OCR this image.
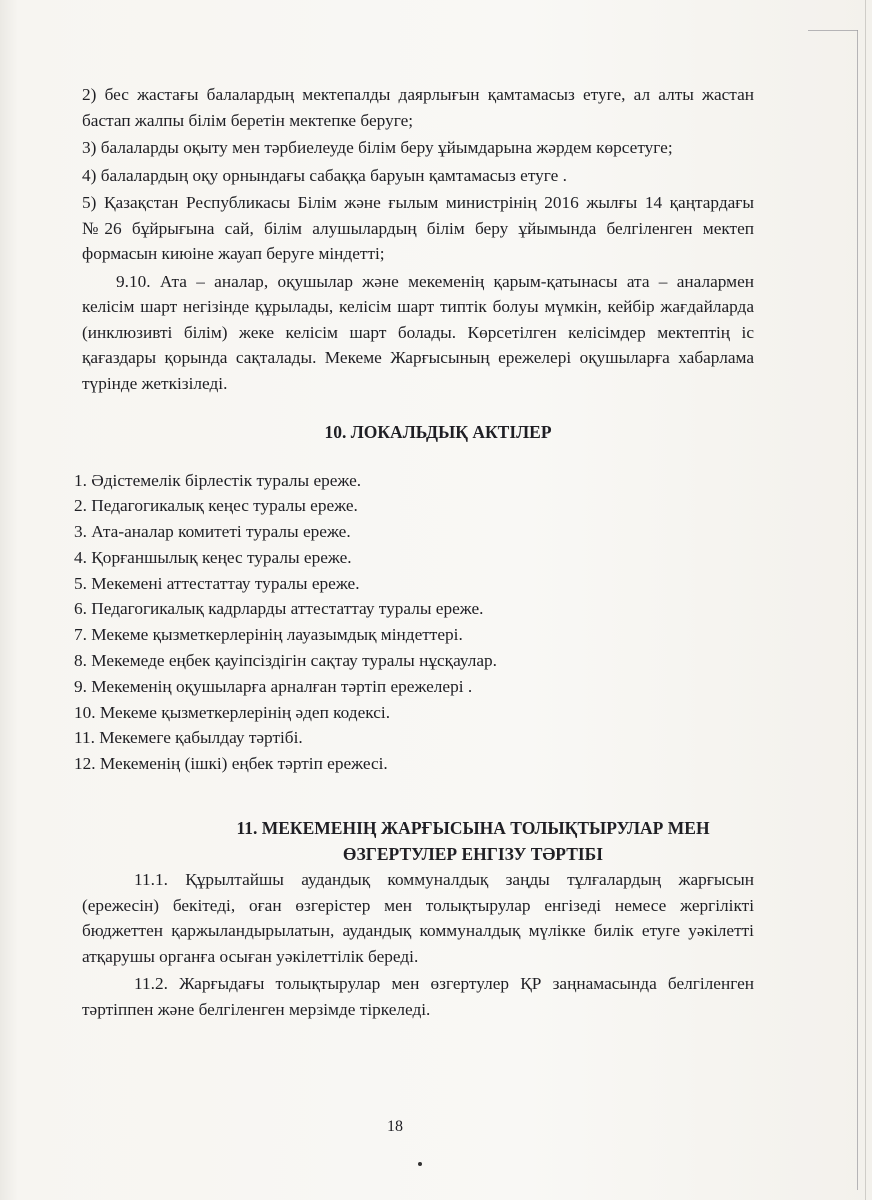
2) бес жастағы балалардың мектепалды даярлығын қамтамасыз етуге, ал алты жастан бастап жалпы білім беретін мектепке беруге;

3) балаларды оқыту мен тәрбиелеуде білім беру ұйымдарына жәрдем көрсетуге;

4) балалардың оқу орнындағы сабаққа баруын қамтамасыз етуге .

5) Қазақстан Республикасы Білім және ғылым министрінің 2016 жылғы 14 қаңтардағы №26 бұйрығына сай, білім алушылардың білім беру ұйымында белгіленген мектеп формасын киюіне жауап беруге міндетті;

9.10. Ата – аналар, оқушылар және мекеменің қарым-қатынасы ата – аналармен келісім шарт негізінде құрылады, келісім шарт типтік болуы мүмкін, кейбір жағдайларда (инклюзивті білім) жеке келісім шарт болады. Көрсетілген келісімдер мектептің іс қағаздары қорында сақталады. Мекеме Жарғысының ережелері оқушыларға хабарлама түрінде жеткізіледі.

10. ЛОКАЛЬДЫҚ АКТІЛЕР
1. Әдістемелік бірлестік туралы ереже.
2. Педагогикалық кеңес туралы ереже.
3. Ата-аналар комитеті туралы ереже.
4. Қорғаншылық кеңес туралы ереже.
5. Мекемені аттестаттау туралы ереже.
6. Педагогикалық кадрларды аттестаттау туралы ереже.
7. Мекеме қызметкерлерінің лауазымдық міндеттері.
8. Мекемеде еңбек қауіпсіздігін сақтау туралы нұсқаулар.
9. Мекеменің оқушыларға арналған тәртіп ережелері .
10. Мекеме қызметкерлерінің әдеп кодексі.
11. Мекемеге қабылдау тәртібі.
12. Мекеменің (ішкі) еңбек тәртіп ережесі.
11. МЕКЕМЕНІҢ ЖАРҒЫСЫНА ТОЛЫҚТЫРУЛАР МЕН
ӨЗГЕРТУЛЕР ЕНГІЗУ ТӘРТІБІ

11.1. Құрылтайшы аудандық коммуналдық заңды тұлғалардың жарғысын (ережесін) бекітеді, оған өзгерістер мен толықтырулар енгізеді немесе жергілікті бюджеттен қаржыландырылатын, аудандық коммуналдық мүлікке билік етуге уәкілетті атқарушы органға осыған уәкілеттілік береді.

11.2. Жарғыдағы толықтырулар мен өзгертулер ҚР заңнамасында белгіленген тәртіппен және белгіленген мерзімде тіркеледі.

18
